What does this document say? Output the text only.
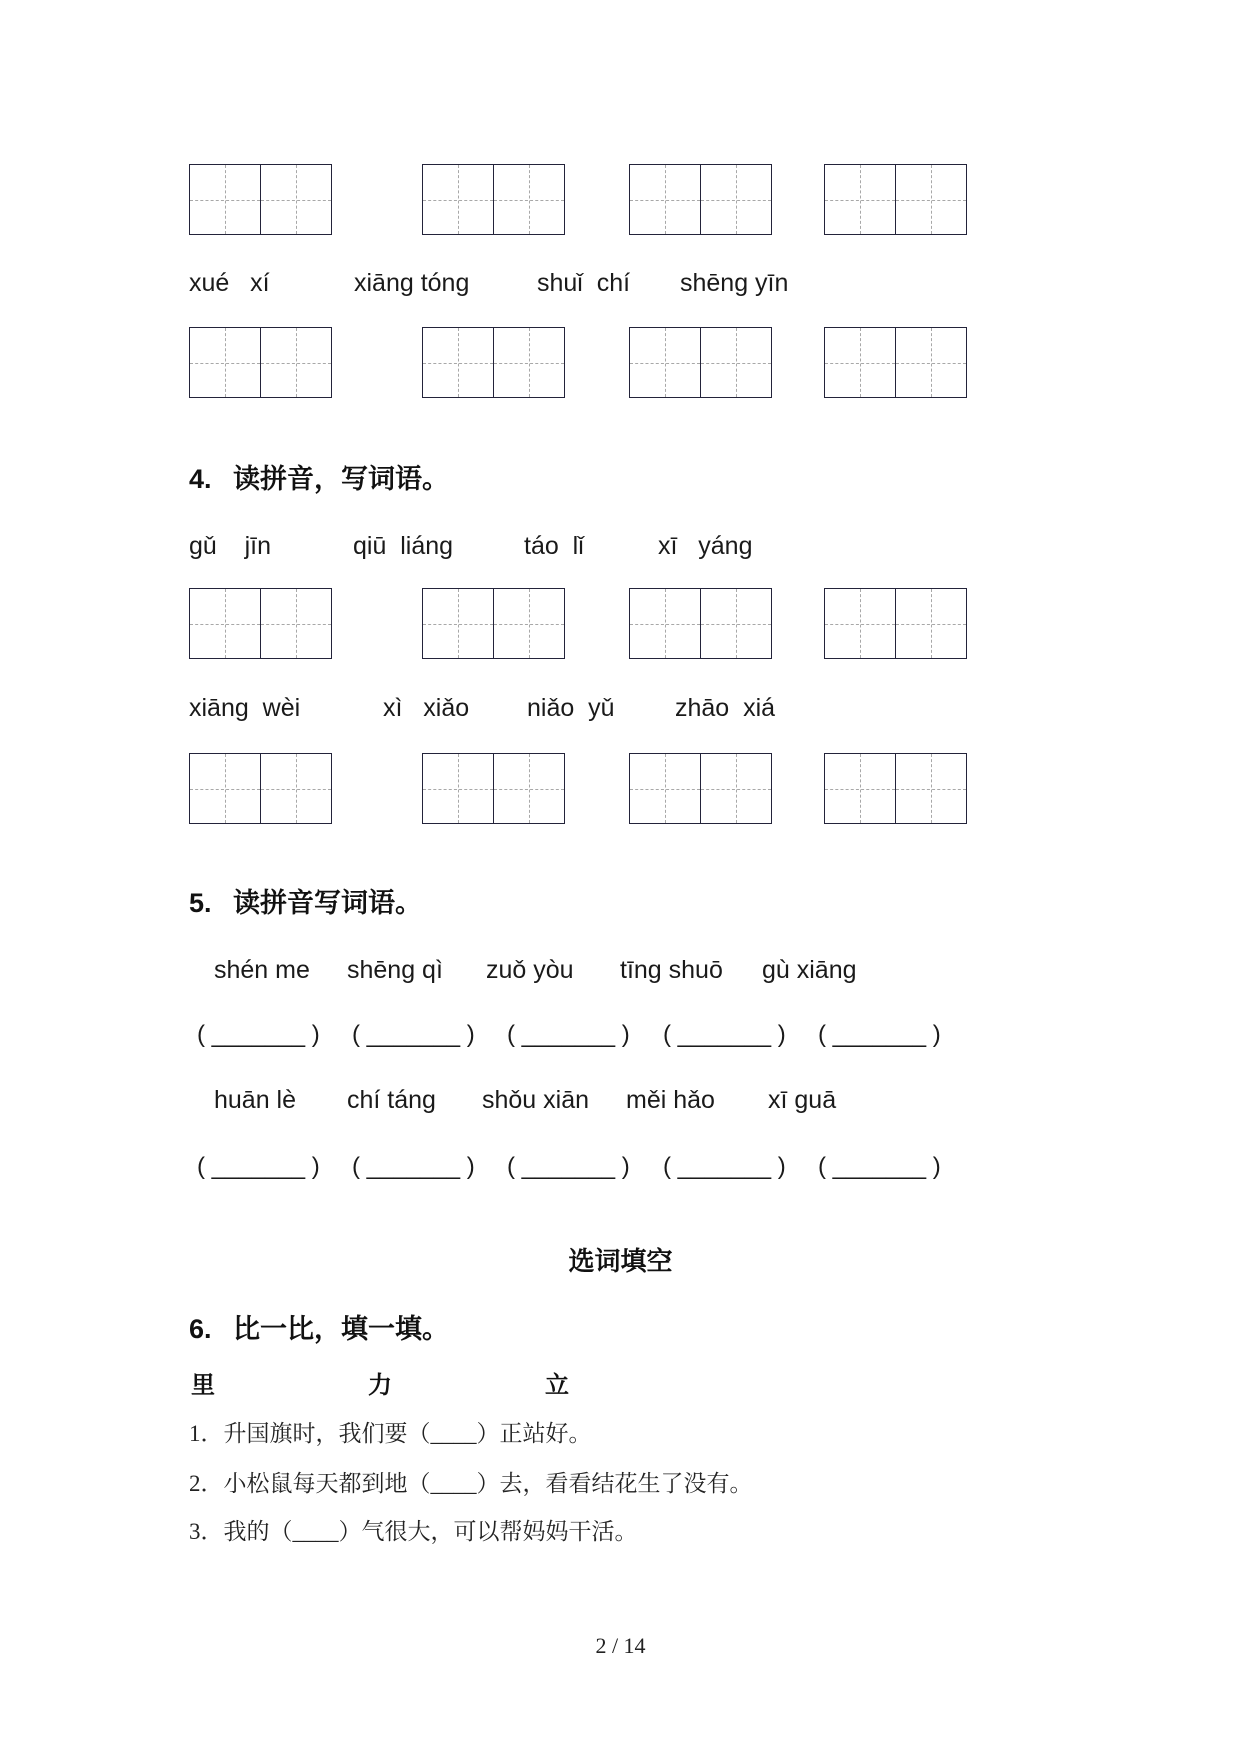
xué   xí	xiāng tóng	shuǐ  chí shēng yīn
4. 读拼音，写词语。
gǔ    jīn	qiū  liáng	táo  lǐ	xī   yáng
xiāng  wèi	xì   xiǎo niǎo  yǔ zhāo  xiá
5. 读拼音写词语。
shén me shēng qì zuǒ yòu tīng shuō gù xiāng
( _______ ) ( _______ ) ( _______ ) ( _______ ) ( _______ )
huān lè chí táng shǒu xiān měi hǎo xī guā
( _______ ) ( _______ ) ( _______ ) ( _______ ) ( _______ )
选词填空
6. 比一比，填一填。
里	力	立
1．升国旗时，我们要（____）正站好。
2．小松鼠每天都到地（____）去，看看结花生了没有。
3．我的（____）气很大，可以帮妈妈干活。
2 / 14
